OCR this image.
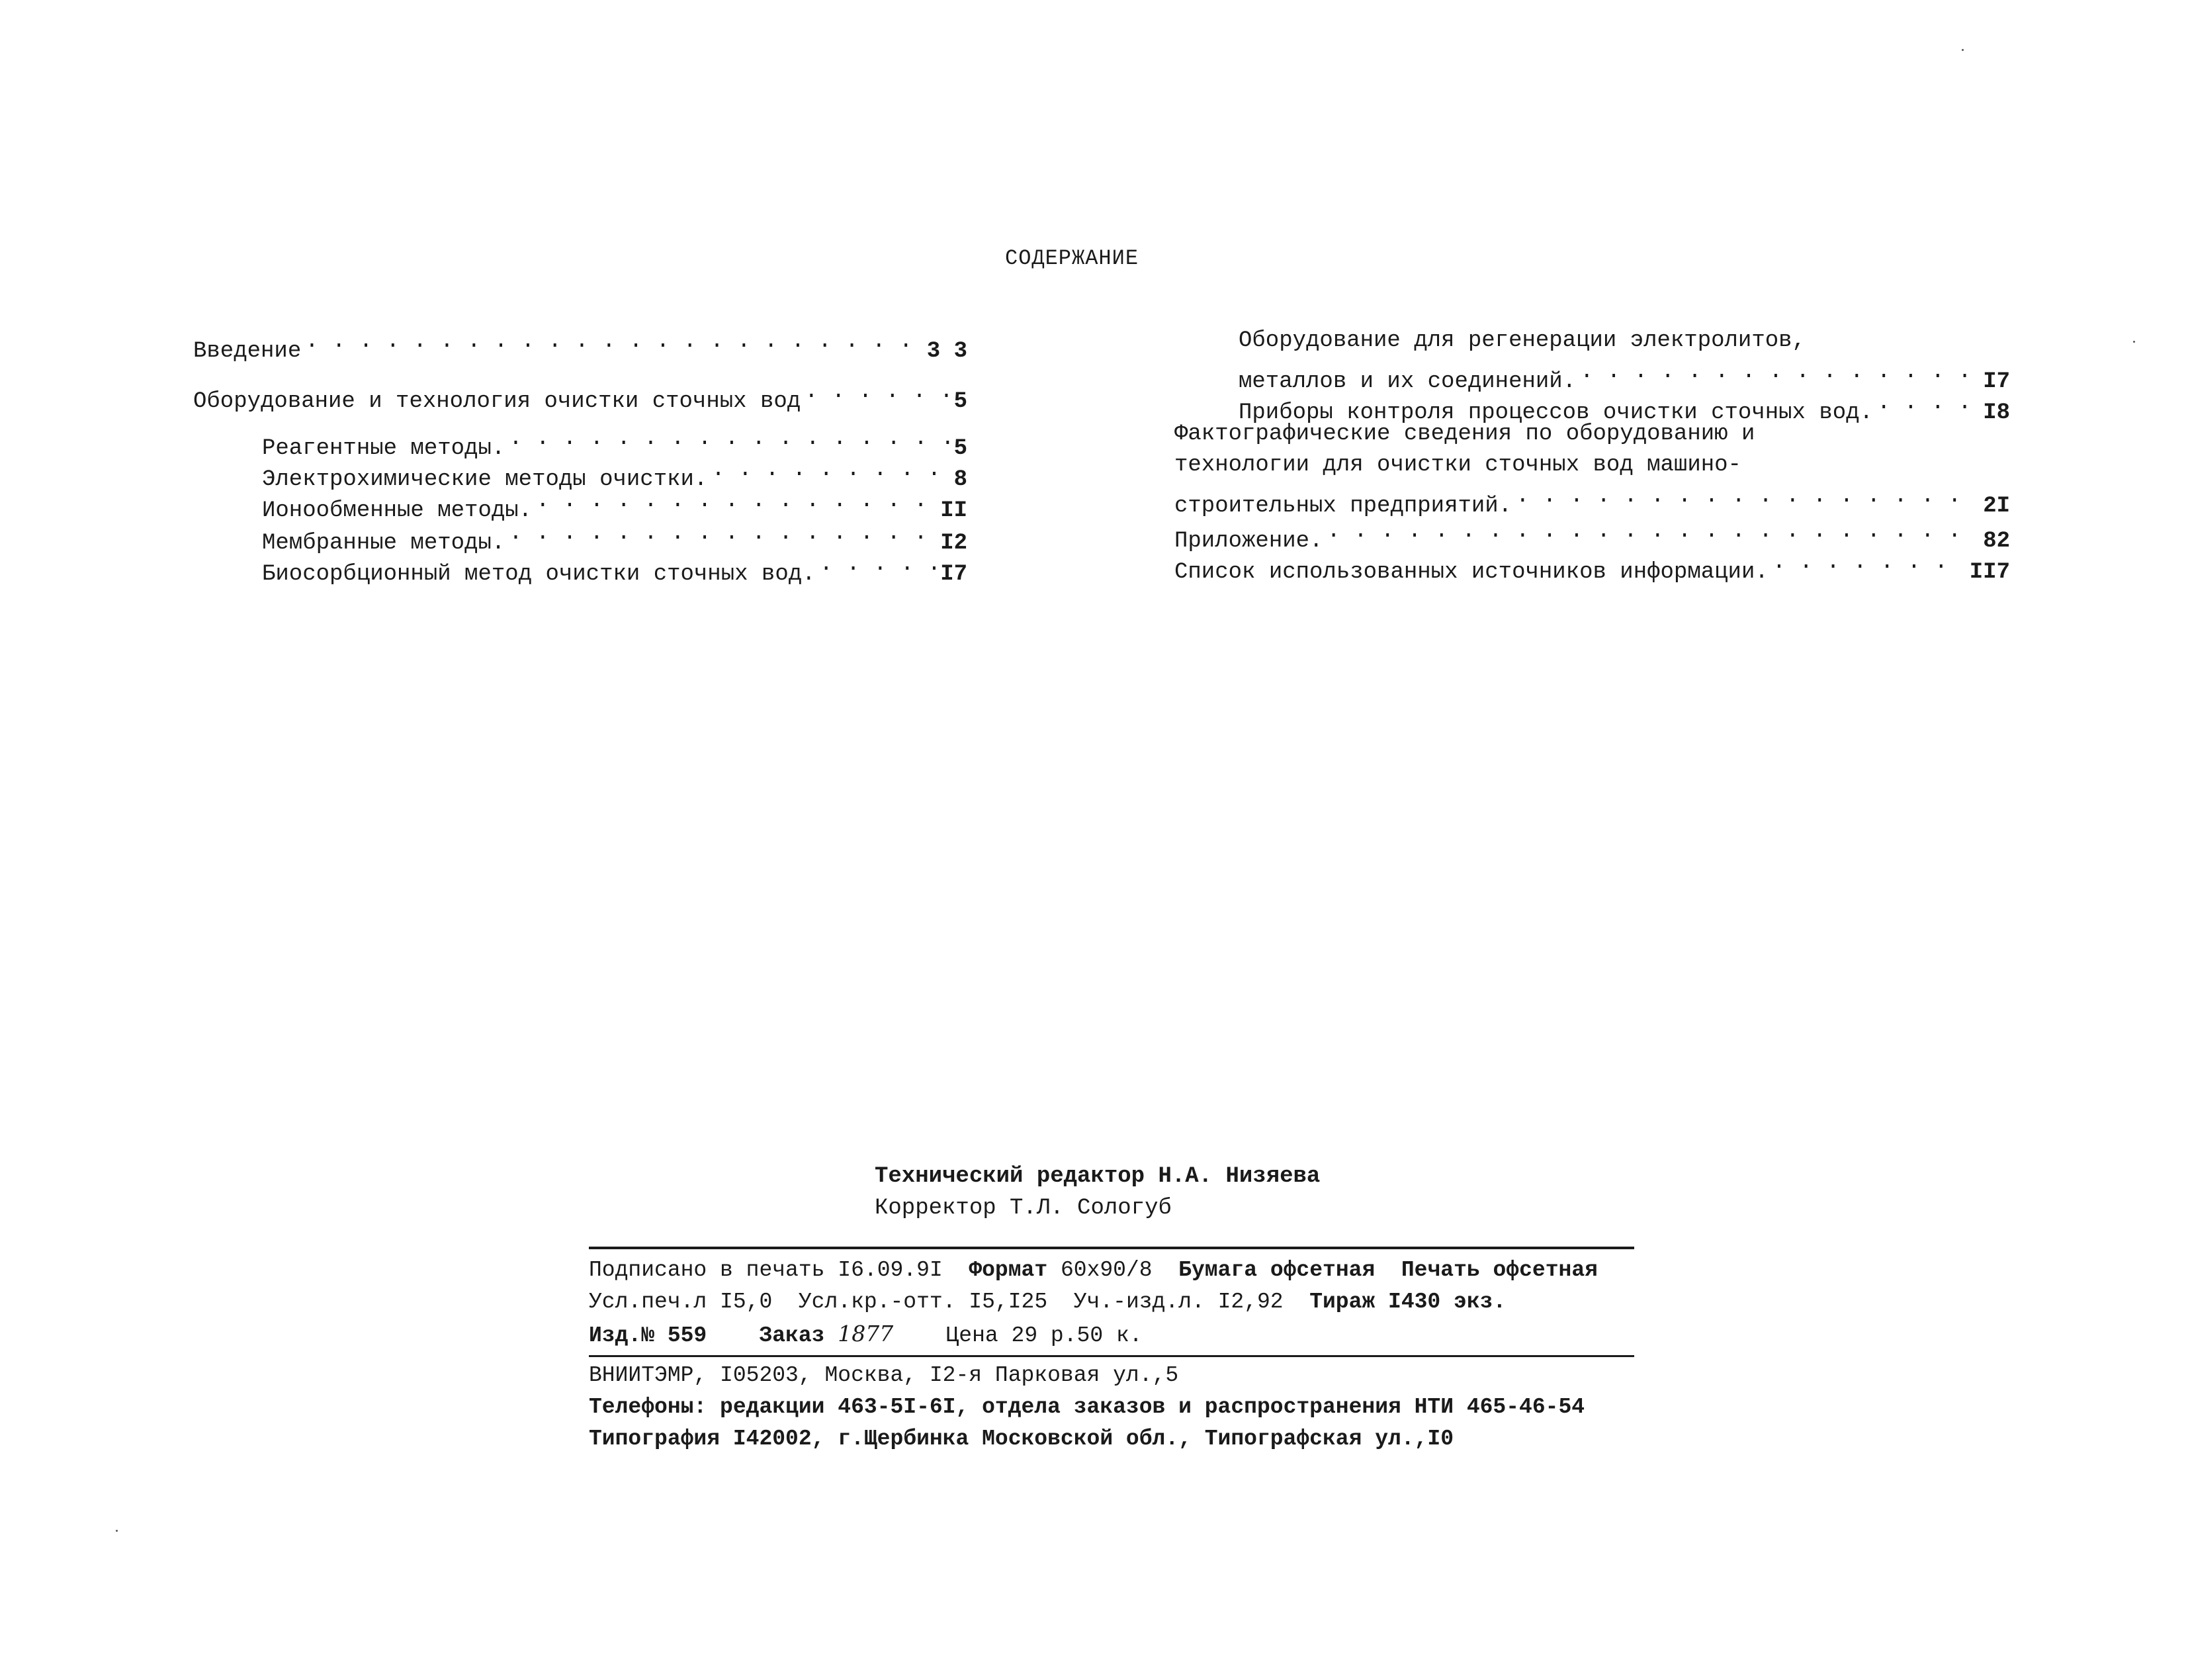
СОДЕРЖАНИЕ
Введение . . .	3 3
Оборудование и технология очистки сточных вод . . .	5
Реагентные методы. . . .	5
Электрохимические методы очистки. . . .	8
Ионообменные методы. . . .	II
Мембранные методы. . . .	I2
Биосорбционный метод очистки сточных вод. . . .	I7
Оборудование для регенерации электролитов,
металлов и их соединений. . . .	I7
Приборы контроля процессов очистки сточных вод. . . .	I8
Фактографические сведения по оборудованию и
технологии для очистки сточных вод машино-
строительных предприятий. . . .	2I
Приложение. . . .	82
Список использованных источников информации. . . .	II7
Технический редактор Н.А. Низяева
Корректор Т.Л. Сологуб
Подписано в печать I6.09.9I Формат 60х90/8 Бумага офсетная Печать офсетная
Усл.печ.л I5,0 Усл.кр.-отт. I5,I25 Уч.-изд.л. I2,92 Тираж I430 экз.
Изд.№ 559 Заказ 1877 Цена 29 р.50 к.
ВНИИТЭМР, I05203, Москва, I2-я Парковая ул.,5
Телефоны: редакции 463-5I-6I, отдела заказов и распространения НТИ 465-46-54
Типография I42002, г.Щербинка Московской обл., Типографская ул.,I0
